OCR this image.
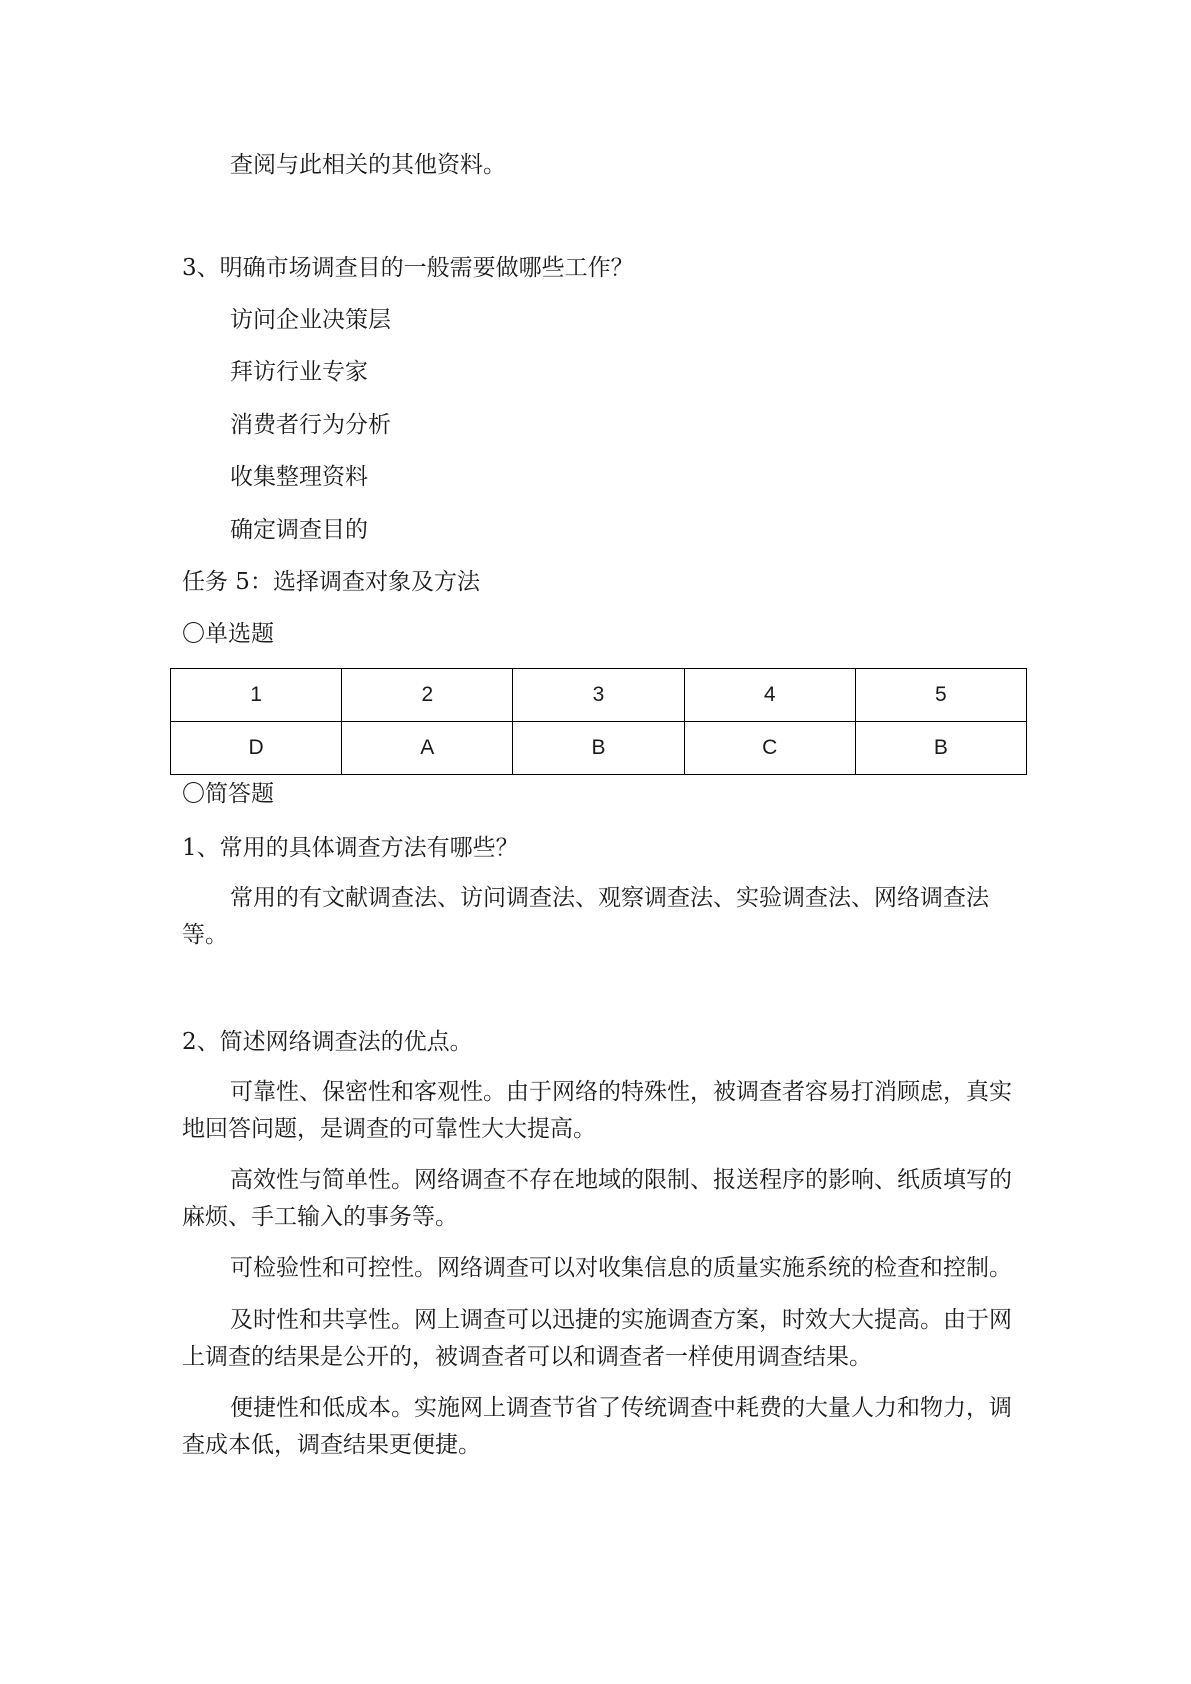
查阅与此相关的其他资料。
3、明确市场调查目的一般需要做哪些工作？
访问企业决策层
拜访行业专家
消费者行为分析
收集整理资料
确定调查目的
任务 5：选择调查对象及方法
〇单选题
1	2	3	4	5
D	A	B	C	B
〇简答题
1、常用的具体调查方法有哪些？
常用的有文献调查法、访问调查法、观察调查法、实验调查法、网络调查法等。
2、简述网络调查法的优点。
可靠性、保密性和客观性。由于网络的特殊性，被调查者容易打消顾虑，真实地回答问题，是调查的可靠性大大提高。
高效性与简单性。网络调查不存在地域的限制、报送程序的影响、纸质填写的麻烦、手工输入的事务等。
可检验性和可控性。网络调查可以对收集信息的质量实施系统的检查和控制。
及时性和共享性。网上调查可以迅捷的实施调查方案，时效大大提高。由于网上调查的结果是公开的，被调查者可以和调查者一样使用调查结果。
便捷性和低成本。实施网上调查节省了传统调查中耗费的大量人力和物力，调查成本低，调查结果更便捷。
